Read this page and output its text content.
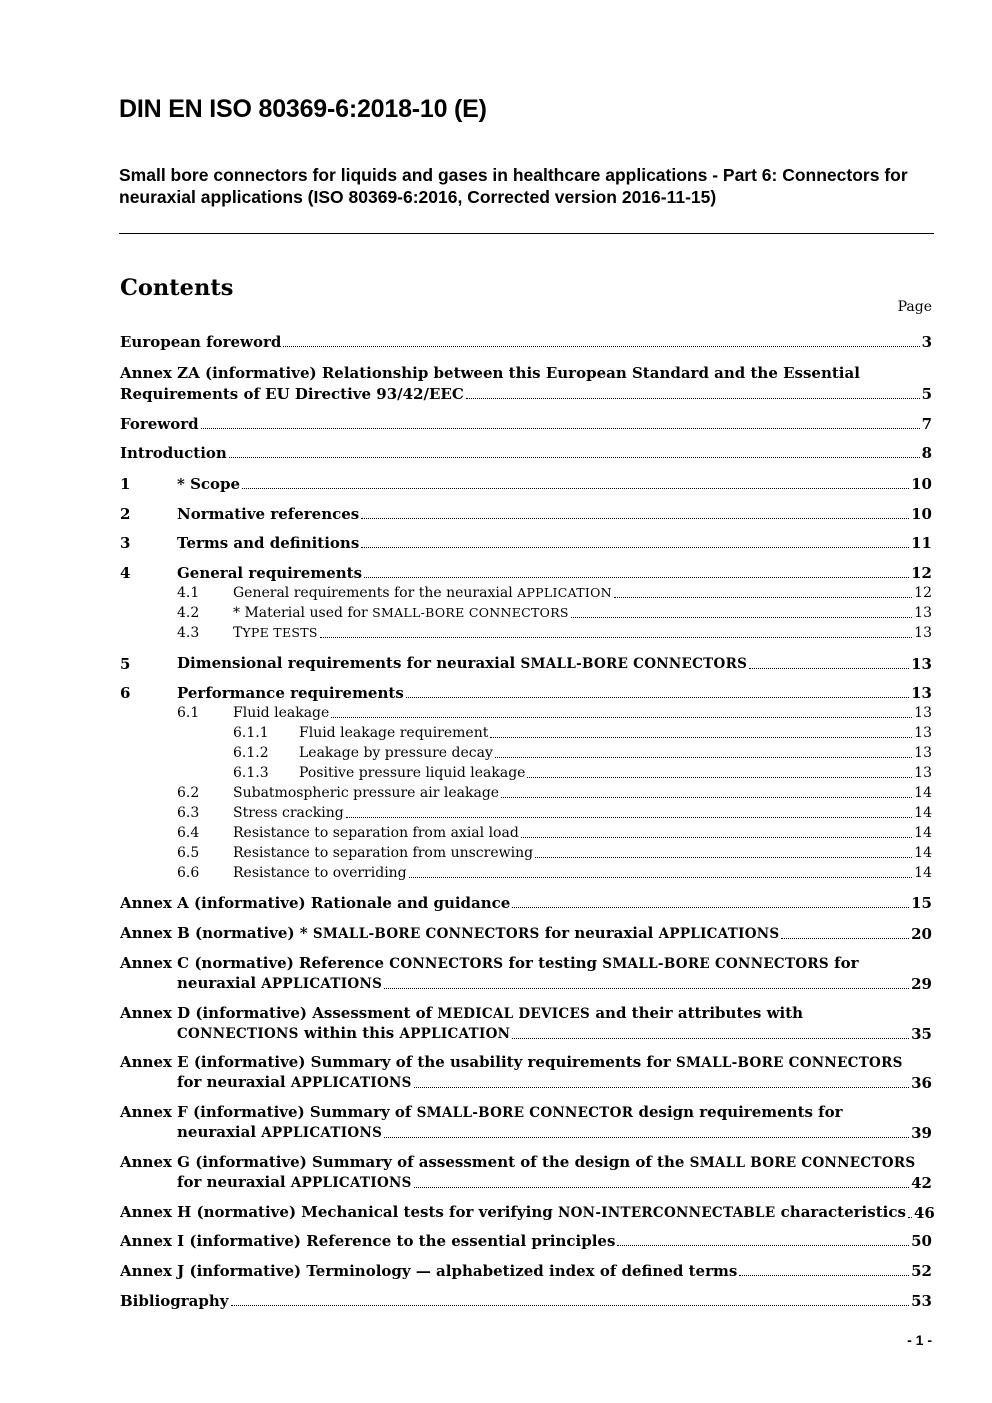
DIN EN ISO 80369-6:2018-10 (E)

Small bore connectors for liquids and gases in healthcare applications - Part 6: Connectors for neuraxial applications (ISO 80369-6:2016, Corrected version 2016-11-15)

Contents
Page
European foreword	3
Annex ZA (informative) Relationship between this European Standard and the Essential
Requirements of EU Directive 93/42/EEC	5
Foreword	7
Introduction	8
1	* Scope	10
2	Normative references	10
3	Terms and definitions	11
4	General requirements	12
4.1	General requirements for the neuraxial APPLICATION	12
4.2	* Material used for SMALL-BORE CONNECTORS	13
4.3	TYPE TESTS	13
5	Dimensional requirements for neuraxial SMALL-BORE CONNECTORS	13
6	Performance requirements	13
6.1	Fluid leakage	13
6.1.1	Fluid leakage requirement	13
6.1.2	Leakage by pressure decay	13
6.1.3	Positive pressure liquid leakage	13
6.2	Subatmospheric pressure air leakage	14
6.3	Stress cracking	14
6.4	Resistance to separation from axial load	14
6.5	Resistance to separation from unscrewing	14
6.6	Resistance to overriding	14
Annex A (informative) Rationale and guidance	15
Annex B (normative) * SMALL-BORE CONNECTORS for neuraxial APPLICATIONS	20
Annex C (normative) Reference CONNECTORS for testing SMALL-BORE CONNECTORS for
neuraxial APPLICATIONS	29
Annex D (informative) Assessment of MEDICAL DEVICES and their attributes with
CONNECTIONS within this APPLICATION	35
Annex E (informative) Summary of the usability requirements for SMALL-BORE CONNECTORS
for neuraxial APPLICATIONS	36
Annex F (informative) Summary of SMALL-BORE CONNECTOR design requirements for
neuraxial APPLICATIONS	39
Annex G (informative) Summary of assessment of the design of the SMALL BORE CONNECTORS
for neuraxial APPLICATIONS	42
Annex H (normative) Mechanical tests for verifying NON-INTERCONNECTABLE characteristics 46
Annex I (informative) Reference to the essential principles	50
Annex J (informative) Terminology — alphabetized index of defined terms	52
Bibliography	53
- 1 -
